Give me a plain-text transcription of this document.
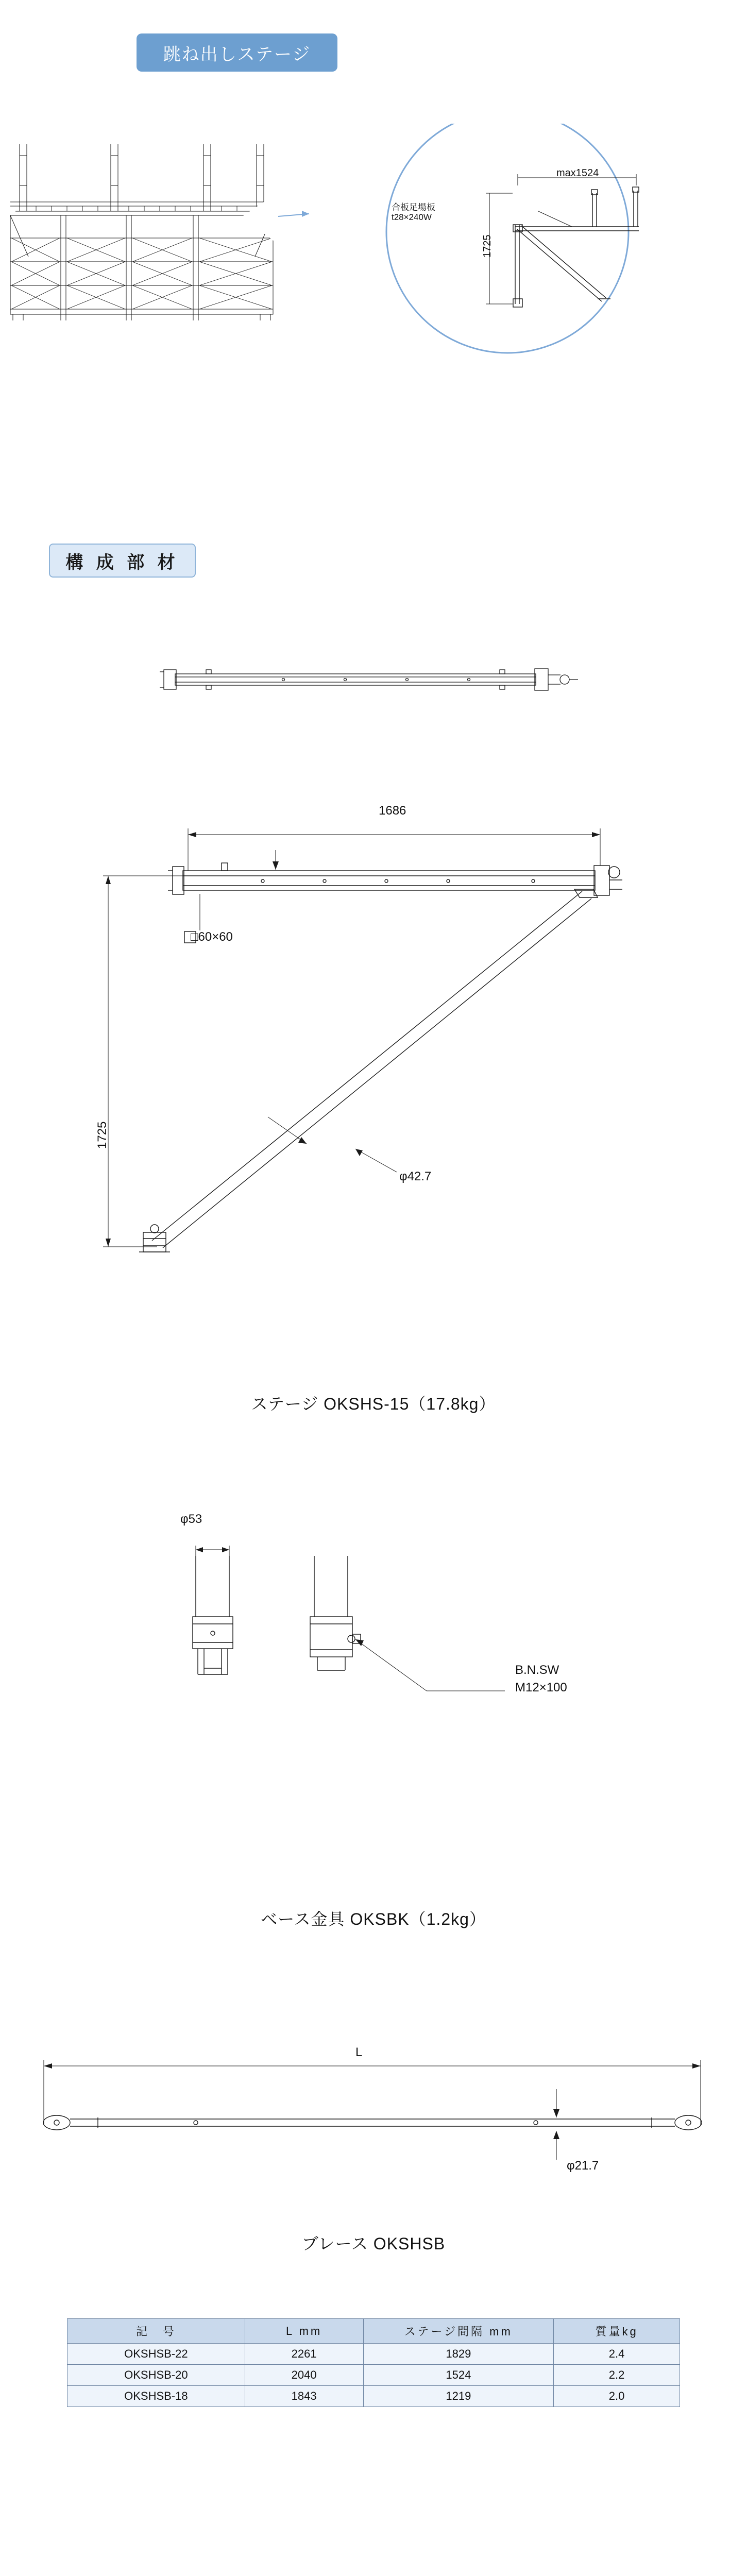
跳ね出しステージ
max1524
1725
合板足場板
t28×240W
構 成 部 材
1686
1725
□60×60
φ42.7
ステージ OKSHS-15（17.8kg）
φ53
B.N.SW
M12×100
ベース金具 OKSBK（1.2kg）
L
φ21.7
ブレース OKSHSB
記　号	L mm	ステージ間隔 mm	質量kg
OKSHSB-22	2261	1829	2.4
OKSHSB-20	2040	1524	2.2
OKSHSB-18	1843	1219	2.0
